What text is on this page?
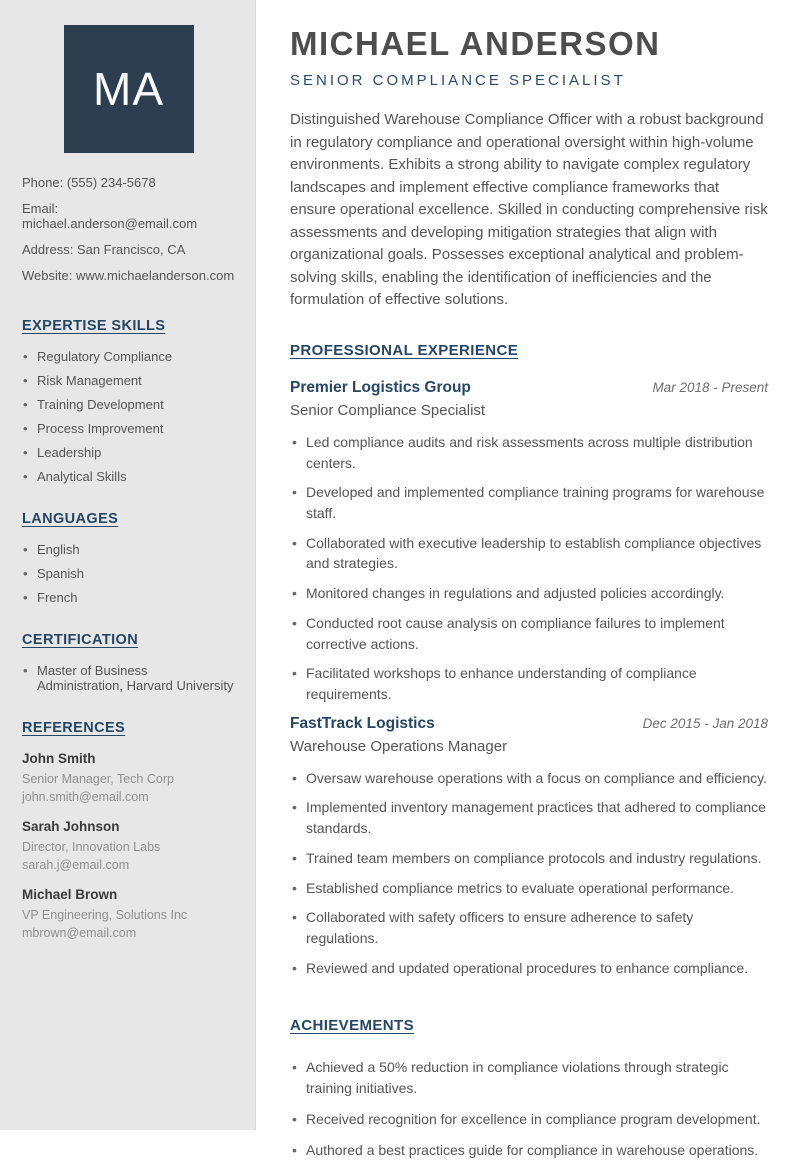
MA
Phone: (555) 234-5678
Email: michael.anderson@email.com
Address: San Francisco, CA
Website: www.michaelanderson.com
EXPERTISE SKILLS
• Regulatory Compliance
• Risk Management
• Training Development
• Process Improvement
• Leadership
• Analytical Skills
LANGUAGES
• English
• Spanish
• French
CERTIFICATION
• Master of Business Administration, Harvard University
REFERENCES
John Smith
Senior Manager, Tech Corp
john.smith@email.com
Sarah Johnson
Director, Innovation Labs
sarah.j@email.com
Michael Brown
VP Engineering, Solutions Inc
mbrown@email.com
MICHAEL ANDERSON
SENIOR COMPLIANCE SPECIALIST

Distinguished Warehouse Compliance Officer with a robust background in regulatory compliance and operational oversight within high-volume environments. Exhibits a strong ability to navigate complex regulatory landscapes and implement effective compliance frameworks that ensure operational excellence. Skilled in conducting comprehensive risk assessments and developing mitigation strategies that align with organizational goals. Possesses exceptional analytical and problem-solving skills, enabling the identification of inefficiencies and the formulation of effective solutions.

PROFESSIONAL EXPERIENCE
Premier Logistics Group	Mar 2018 - Present
Senior Compliance Specialist
• Led compliance audits and risk assessments across multiple distribution centers.
• Developed and implemented compliance training programs for warehouse staff.
• Collaborated with executive leadership to establish compliance objectives and strategies.
• Monitored changes in regulations and adjusted policies accordingly.
• Conducted root cause analysis on compliance failures to implement corrective actions.
• Facilitated workshops to enhance understanding of compliance requirements.
FastTrack Logistics	Dec 2015 - Jan 2018
Warehouse Operations Manager
• Oversaw warehouse operations with a focus on compliance and efficiency.
• Implemented inventory management practices that adhered to compliance standards.
• Trained team members on compliance protocols and industry regulations.
• Established compliance metrics to evaluate operational performance.
• Collaborated with safety officers to ensure adherence to safety regulations.
• Reviewed and updated operational procedures to enhance compliance.
ACHIEVEMENTS
• Achieved a 50% reduction in compliance violations through strategic training initiatives.
• Received recognition for excellence in compliance program development.
• Authored a best practices guide for compliance in warehouse operations.
